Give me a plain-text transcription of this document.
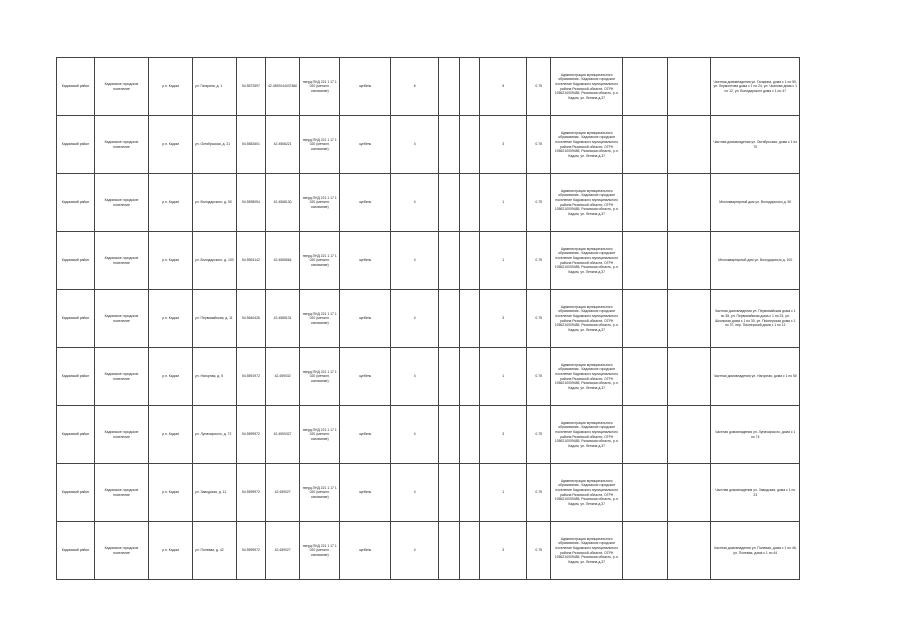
Кадомский район	Кадомское городское поселение	р.п. Кадом	ул. Гагарина, д. 1	54.5572597	42.4592044037860	тверд.ПНД 221 1 17 1 020 (металл. основание)	щебень	6			5	0.75	Администрация муниципального образования - Кадомское городское поселение Кадомского муниципального района Рязанской области, ОГРН 1056210009485, Рязанская область, р.п. Кадом, ул. Ленина д.37			Частная домовладения ул. Гагарина, дома с 1 по 50, ул. Лермонтова дома с 1 по 24, ул. Чкалова дома с 1 по 12, ул. Володарского дома с 1 по 47
Кадомский район	Кадомское городское поселение	р.п. Кадом	ул. Октябрьская, д. 21	54.5582601	42.4566221	тверд.ПНД 221 1 17 1 020 (металл. основание)	щебень	4			3	0.75	Администрация муниципального образования - Кадомское городское поселение Кадомского муниципального района Рязанской области, ОГРН 1056210009485, Рязанская область, р.п. Кадом, ул. Ленина д.37			Частная домовладения ул. Октябрьская, дома с 1 по 70
Кадомский район	Кадомское городское поселение	р.п. Кадом	ул. Володарского, д. 50	54.5598054	42.4568130	тверд.ПНД 221 1 17 1 020 (металл. основание)	щебень	4			1	0.75	Администрация муниципального образования - Кадомское городское поселение Кадомского муниципального района Рязанской области, ОГРН 1056210009485, Рязанская область, р.п. Кадом, ул. Ленина д.37			Многоквартирный дом ул. Володарского д. 50
Кадомский район	Кадомское городское поселение	р.п. Кадом	ул. Володарского, д. 100	54.5594142	42.4568564	тверд.ПНД 221 1 17 1 020 (металл. основание)	щебень	4			1	0.75	Администрация муниципального образования - Кадомское городское поселение Кадомского муниципального района Рязанской области, ОГРН 1056210009485, Рязанская область, р.п. Кадом, ул. Ленина д.37			Многоквартирный дом ул. Володарского д. 100
Кадомский район	Кадомское городское поселение	р.п. Кадом	ул. Первомайская, д. 11	54.5640426	42.4585101	тверд.ПНД 221 1 17 1 020 (металл. основание)	щебень	4			3	0.75	Администрация муниципального образования - Кадомское городское поселение Кадомского муниципального района Рязанской области, ОГРН 1056210009485, Рязанская область, р.п. Кадом, ул. Ленина д.37			Частная домовладения ул. Первомайская дома с 1 по 35, ул. Первомайская дома с 1 по 23, ул. Школьная дома с 1 по 30, ул. Пионерская дома с 1 по 37, пер. Пионерский дома с 1 по 12
Кадомский район	Кадомское городское поселение	р.п. Кадом	ул. Нагорная, д. 5	54.5591972	42.459032	тверд.ПНД 221 1 17 1 020 (металл. основание)	щебень	4			1	0.75	Администрация муниципального образования - Кадомское городское поселение Кадомского муниципального района Рязанской области, ОГРН 1056210009485, Рязанская область, р.п. Кадом, ул. Ленина д.37			Частная домовладения ул. Нагорная, дома с 1 по 50
Кадомский район	Кадомское городское поселение	р.п. Кадом	ул. Луначарского, д. 72	54.5599972	42.4590327	тверд.ПНД 221 1 17 1 020 (металл. основание)	щебень	4			3	0.75	Администрация муниципального образования - Кадомское городское поселение Кадомского муниципального района Рязанской области, ОГРН 1056210009485, Рязанская область, р.п. Кадом, ул. Ленина д.37			Частная домовладения ул. Луначарского, дома с 1 по 74
Кадомский район	Кадомское городское поселение	р.п. Кадом	ул. Заводская, д. 11	54.5599972	42.459027	тверд.ПНД 221 1 17 1 020 (металл. основание)	щебень	4			1	0.75	Администрация муниципального образования - Кадомское городское поселение Кадомского муниципального района Рязанской области, ОГРН 1056210009485, Рязанская область, р.п. Кадом, ул. Ленина д.37			Частная домовладения ул. Заводская, дома с 1 по 23
Кадомский район	Кадомское городское поселение	р.п. Кадом	ул. Полевая, д. 42	54.5599972	42.459027	тверд.ПНД 221 1 17 1 020 (металл. основание)	щебень	4			3	0.75	Администрация муниципального образования - Кадомское городское поселение Кадомского муниципального района Рязанской области, ОГРН 1056210009485, Рязанская область, р.п. Кадом, ул. Ленина д.37			Частная домовладения ул. Полевая, дома с 1 по 46, ул. Полевая, дома с 1 по 44
